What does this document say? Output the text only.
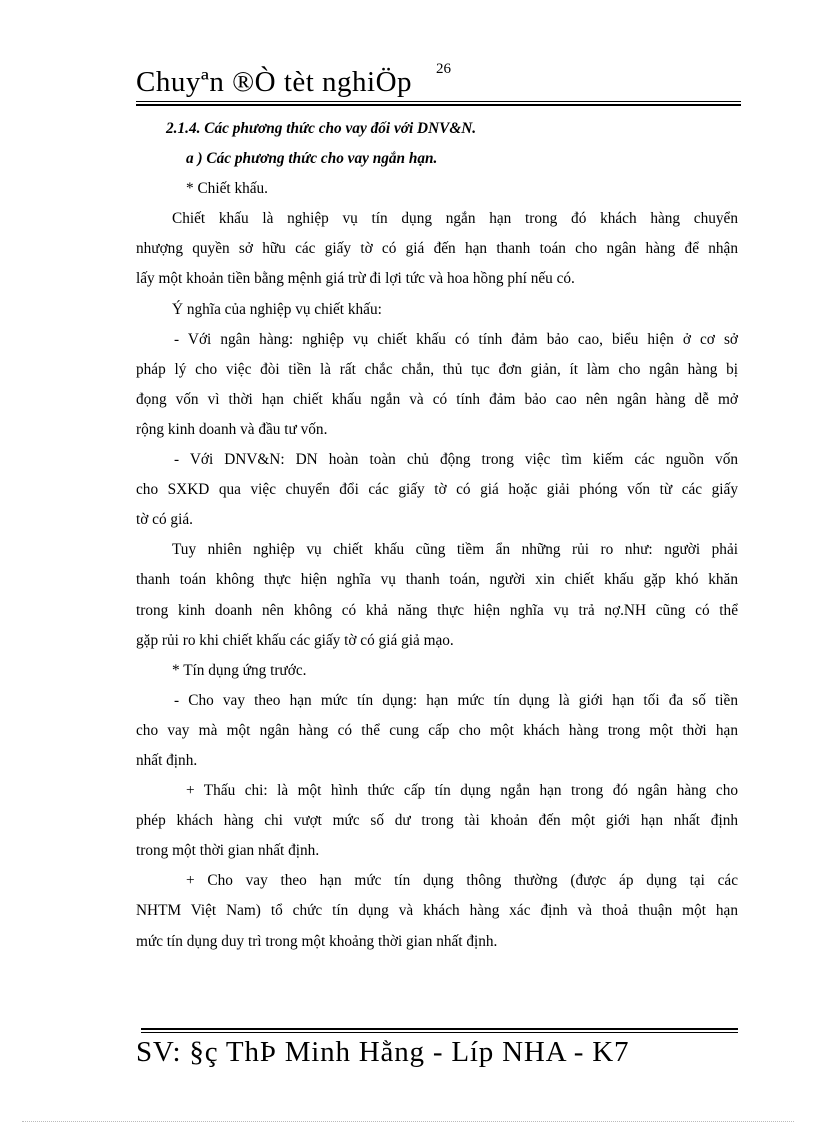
Chuyªn ®Ò tèt nghiÖp 26
2.1.4. Các phương thức cho vay đối với DNV&N.
a ) Các phương thức cho vay ngắn hạn.
* Chiết khấu.
Chiết khấu là nghiệp vụ tín dụng ngắn hạn trong đó khách hàng chuyển
nhượng quyền sở hữu các giấy tờ có giá đến hạn thanh toán cho ngân hàng để nhận
lấy một khoản tiền bằng mệnh giá trừ đi lợi tức và hoa hồng phí nếu có.
Ý nghĩa của nghiệp vụ chiết khấu:
- Với ngân hàng: nghiệp vụ chiết khấu có tính đảm bảo cao, biểu hiện ở cơ sở
pháp lý cho việc đòi tiền là rất chắc chắn, thủ tục đơn giản, ít làm cho ngân hàng bị
đọng vốn vì thời hạn chiết khấu ngắn và có tính đảm bảo cao nên ngân hàng dễ mở
rộng kinh doanh và đầu tư vốn.
- Với DNV&N: DN hoàn toàn chủ động trong việc tìm kiếm các nguồn vốn
cho SXKD qua việc chuyển đổi các giấy tờ có giá hoặc giải phóng vốn từ các giấy
tờ có giá.
Tuy nhiên nghiệp vụ chiết khấu cũng tiềm ẩn những rủi ro như: người phải
thanh toán không thực hiện nghĩa vụ thanh toán, người xin chiết khấu gặp khó khăn
trong kinh doanh nên không có khả năng thực hiện nghĩa vụ trả nợ.NH cũng có thể
gặp rủi ro khi chiết khấu các giấy tờ có giá giả mạo.
* Tín dụng ứng trước.
- Cho vay theo hạn mức tín dụng: hạn mức tín dụng là giới hạn tối đa số tiền
cho vay mà một ngân hàng có thể cung cấp cho một khách hàng trong một thời hạn
nhất định.
+ Thấu chi: là một hình thức cấp tín dụng ngắn hạn trong đó ngân hàng cho
phép khách hàng chi vượt mức số dư trong tài khoản đến một giới hạn nhất định
trong một thời gian nhất định.
+ Cho vay theo hạn mức tín dụng thông thường (được áp dụng tại các
NHTM Việt Nam) tổ chức tín dụng và khách hàng xác định và thoả thuận một hạn
mức tín dụng duy trì trong một khoảng thời gian nhất định.
SV: §ç ThÞ Minh Hằng - Líp NHA - K7
